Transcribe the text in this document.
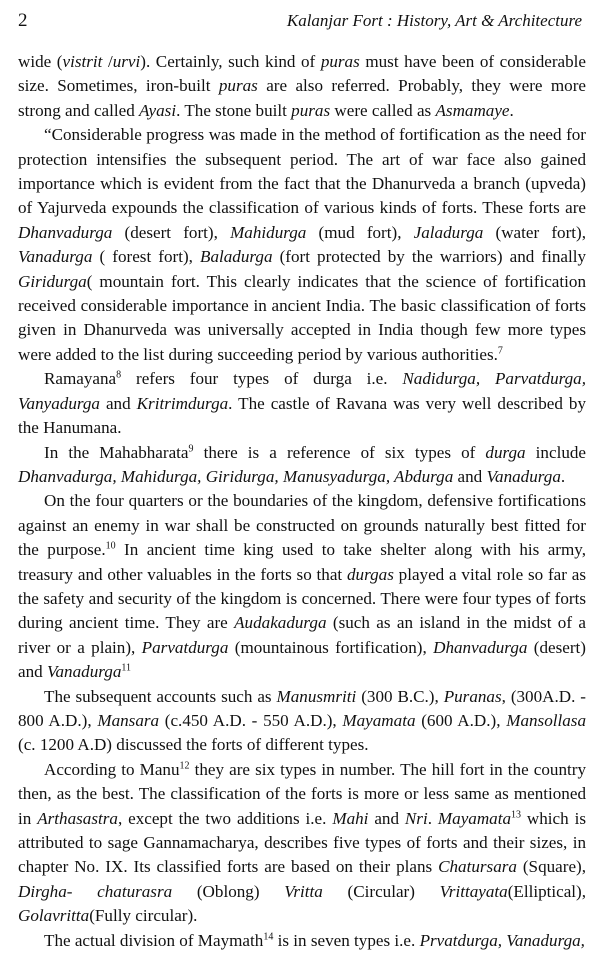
2	Kalanjar Fort : History, Art & Architecture

wide (vistrit /urvi). Certainly, such kind of puras must have been of considerable size. Sometimes, iron-built puras are also referred. Probably, they were more strong and called Ayasi. The stone built puras were called as Asmamaye.

“Considerable progress was made in the method of fortification as the need for protection intensifies the subsequent period. The art of war face also gained importance which is evident from the fact that the Dhanurveda a branch (upveda) of Yajurveda expounds the classification of various kinds of forts. These forts are Dhanvadurga (desert fort), Mahidurga (mud fort), Jaladurga (water fort), Vanadurga ( forest fort), Baladurga (fort protected by the warriors) and finally Giridurga( mountain fort. This clearly indicates that the science of fortification received considerable importance in ancient India. The basic classification of forts given in Dhanurveda was universally accepted in India though few more types were added to the list during succeeding period by various authorities.$^7$

Ramayana$^8$ refers four types of durga i.e. Nadidurga, Parvatdurga, Vanyadurga and Kritrimdurga. The castle of Ravana was very well described by the Hanumana.

In the Mahabharata$^9$ there is a reference of six types of durga include Dhanvadurga, Mahidurga, Giridurga, Manusyadurga, Abdurga and Vanadurga.

On the four quarters or the boundaries of the kingdom, defensive fortifications against an enemy in war shall be constructed on grounds naturally best fitted for the purpose.$^{10}$ In ancient time king used to take shelter along with his army, treasury and other valuables in the forts so that durgas played a vital role so far as the safety and security of the kingdom is concerned. There were four types of forts during ancient time. They are Audakadurga (such as an island in the midst of a river or a plain), Parvatdurga (mountainous fortification), Dhanvadurga (desert) and Vanadurga$^{11}$

The subsequent accounts such as Manusmriti (300 B.C.), Puranas, (300A.D. - 800 A.D.), Mansara (c.450 A.D. - 550 A.D.), Mayamata (600 A.D.), Mansollasa (c. 1200 A.D) discussed the forts of different types.

According to Manu$^{12}$ they are six types in number. The hill fort in the country then, as the best. The classification of the forts is more or less same as mentioned in Arthasastra, except the two additions i.e. Mahi and Nri. Mayamata$^{13}$ which is attributed to sage Gannamacharya, describes five types of forts and their sizes, in chapter No. IX. Its classified forts are based on their plans Chatursara (Square), Dirgha- chaturasra (Oblong) Vritta (Circular) Vrittayata(Elliptical), Golavritta(Fully circular).

The actual division of Maymath$^{14}$ is in seven types i.e. Prvatdurga, Vanadurga,
